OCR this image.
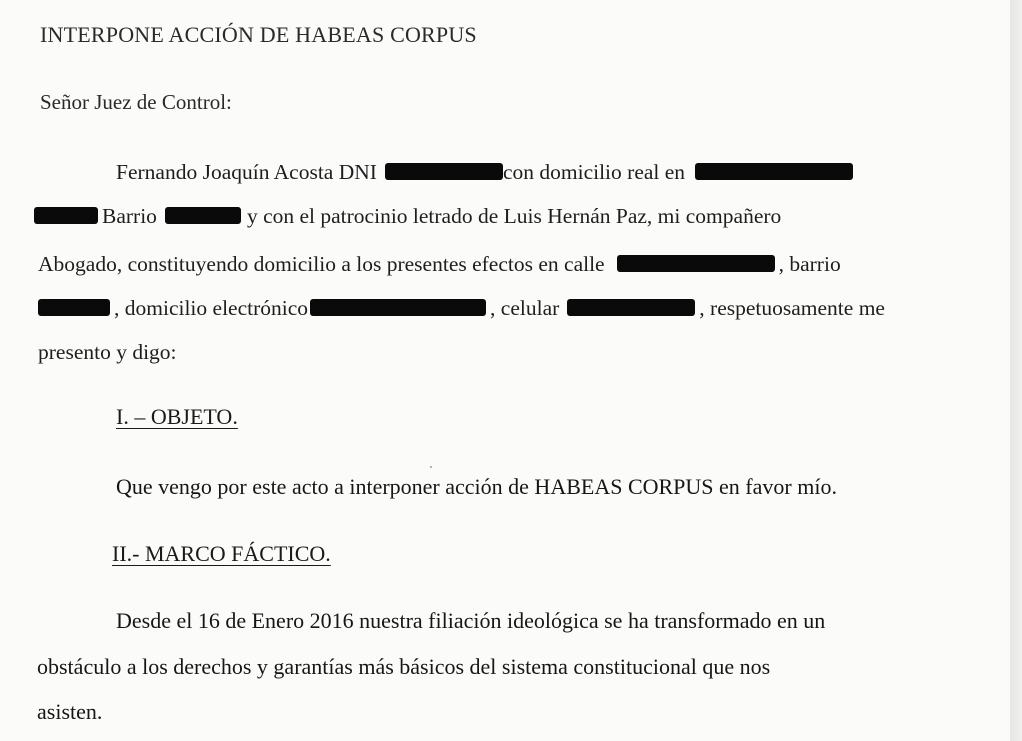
INTERPONE ACCIÓN DE HABEAS CORPUS
Señor Juez de Control:
Fernando Joaquín Acosta DNI	con domicilio real en
Barrio	y con el patrocinio letrado de Luis Hernán Paz, mi compañero
Abogado, constituyendo domicilio a los presentes efectos en calle	, barrio
, domicilio electrónico	, celular	, respetuosamente me
presento y digo:
I. – OBJETO.
Que vengo por este acto a interponer acción de HABEAS CORPUS en favor mío.
II.- MARCO FÁCTICO.
Desde el 16 de Enero 2016 nuestra filiación ideológica se ha transformado en un
obstáculo a los derechos y garantías más básicos del sistema constitucional que nos
asisten.
